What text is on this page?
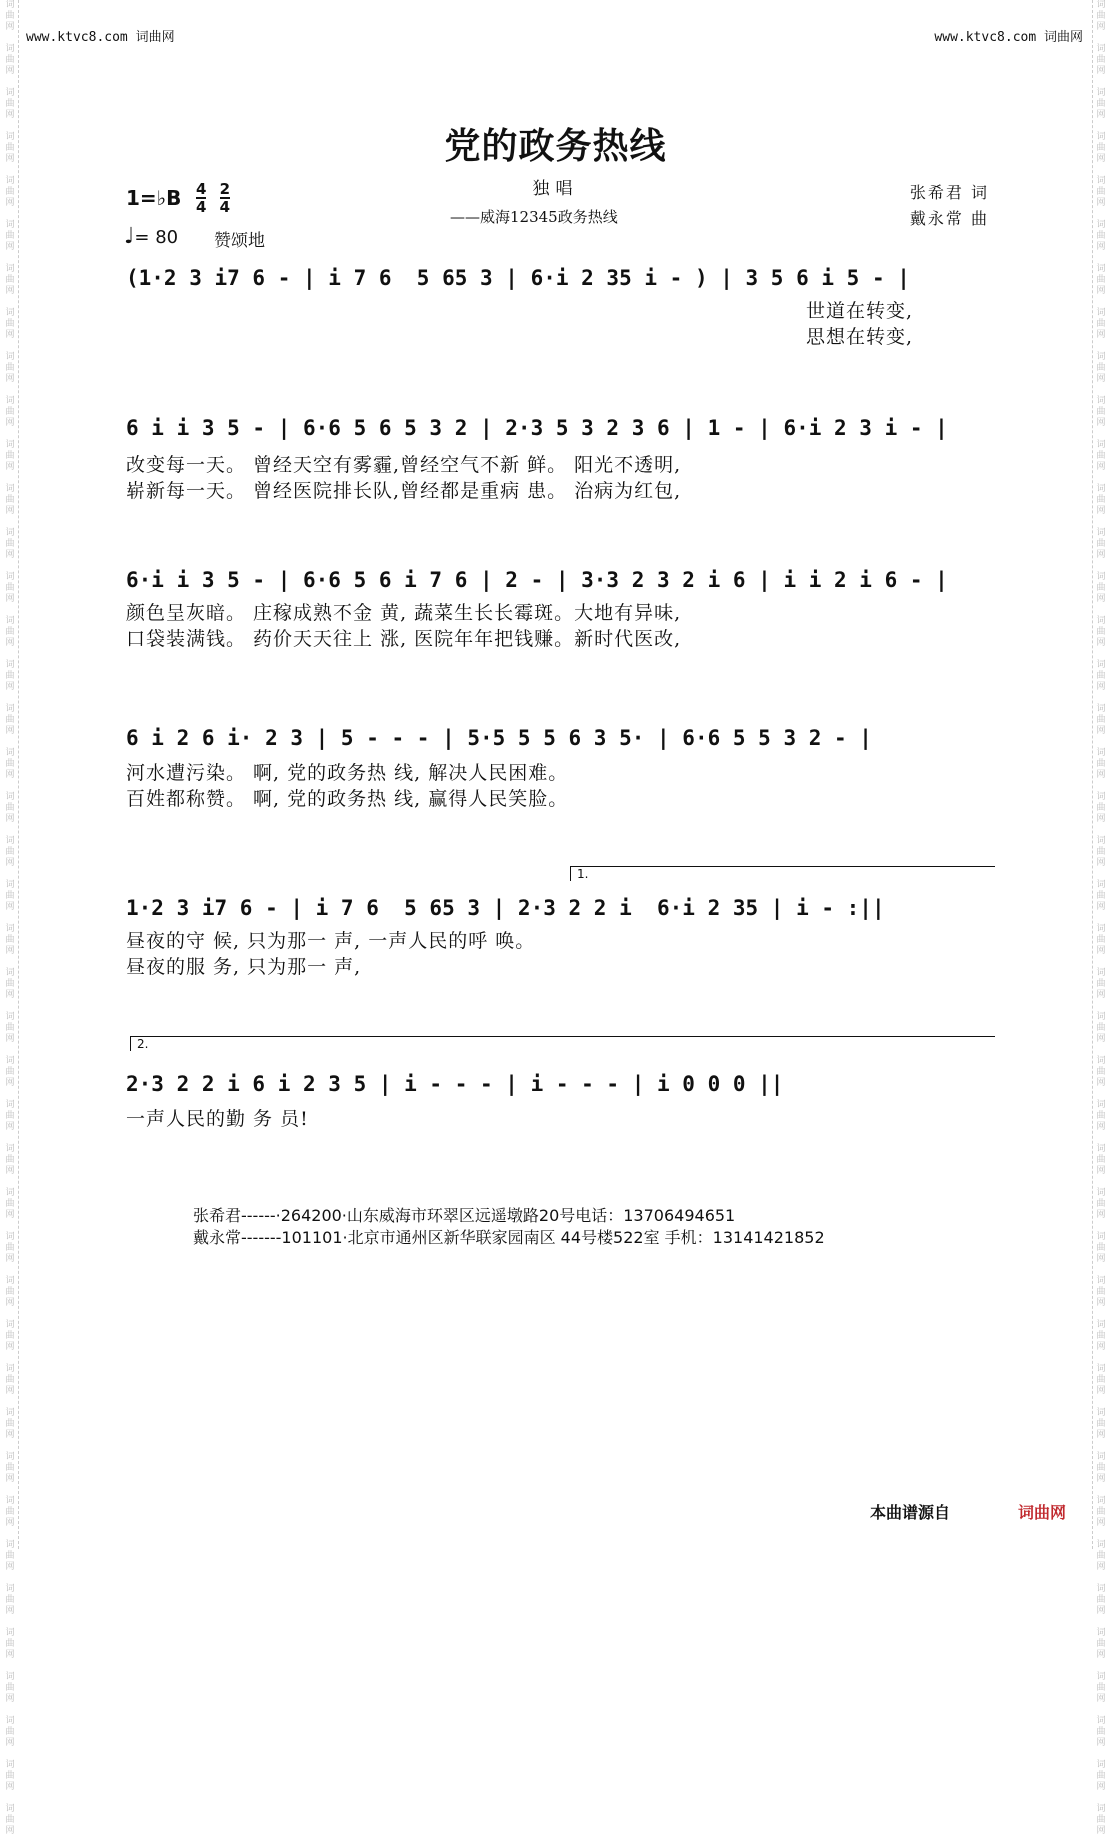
词曲网

词曲网

词曲网

词曲网

词曲网

词曲网

词曲网

词曲网

词曲网

词曲网

词曲网

词曲网

词曲网

词曲网

词曲网

词曲网

词曲网

词曲网

词曲网

词曲网

词曲网

词曲网

词曲网

词曲网

词曲网

词曲网

词曲网

词曲网

词曲网

词曲网

词曲网

词曲网

词曲网

词曲网

词曲网

词曲网

词曲网

词曲网

词曲网

词曲网

词曲网

词曲网
词曲网

词曲网

词曲网

词曲网

词曲网

词曲网

词曲网

词曲网

词曲网

词曲网

词曲网

词曲网

词曲网

词曲网

词曲网

词曲网

词曲网

词曲网

词曲网

词曲网

词曲网

词曲网

词曲网

词曲网

词曲网

词曲网

词曲网

词曲网

词曲网

词曲网

词曲网

词曲网

词曲网

词曲网

词曲网

词曲网

词曲网

词曲网

词曲网

词曲网

词曲网

词曲网
www.ktvc8.com 词曲网	www.ktvc8.com 词曲网
党的政务热线
独唱
——威海12345政务热线
1=♭B $\frac{4}{4}$
$\frac{2}{4}$
♩= 80 赞颂地
张希君 词
戴永常 曲
(1·2 3 i7 6 - | i 7 6  5 65 3 | 6·i 2 35 i - ) | 3 5 6 i 5 - |
世道在转变,
思想在转变,
6 i i 3 5 - | 6·6 5 6 5 3 2 | 2·3 5 3 2 3 6 | 1 - | 6·i 2 3 i - |
改变每一天。 曾经天空有雾霾,曾经空气不新 鲜。 阳光不透明,
崭新每一天。 曾经医院排长队,曾经都是重病 患。 治病为红包,
6·i i 3 5 - | 6·6 5 6 i 7 6 | 2 - | 3·3 2 3 2 i 6 | i i 2 i 6 - |
颜色呈灰暗。 庄稼成熟不金 黄, 蔬菜生长长霉斑。大地有异味,
口袋装满钱。 药价天天往上 涨, 医院年年把钱赚。新时代医改,
6 i 2 6 i· 2 3 | 5 - - - | 5·5 5 5 6 3 5· | 6·6 5 5 3 2 - |
河水遭污染。 啊, 党的政务热 线, 解决人民困难。
百姓都称赞。 啊, 党的政务热 线, 赢得人民笑脸。
1.
1·2 3 i7 6 - | i 7 6  5 65 3 | 2·3 2 2 i  6·i 2 35 | i - :||
昼夜的守 候, 只为那一 声, 一声人民的呼 唤。
昼夜的服 务, 只为那一 声,
2.
2·3 2 2 i 6 i 2 3 5 | i - - - | i - - - | i 0 0 0 ||
一声人民的勤 务 员!
张希君------·264200·山东威海市环翠区远遥墩路20号电话：13706494651
戴永常-------101101·北京市通州区新华联家园南区 44号楼522室 手机：13141421852
本曲谱源自	词曲网
